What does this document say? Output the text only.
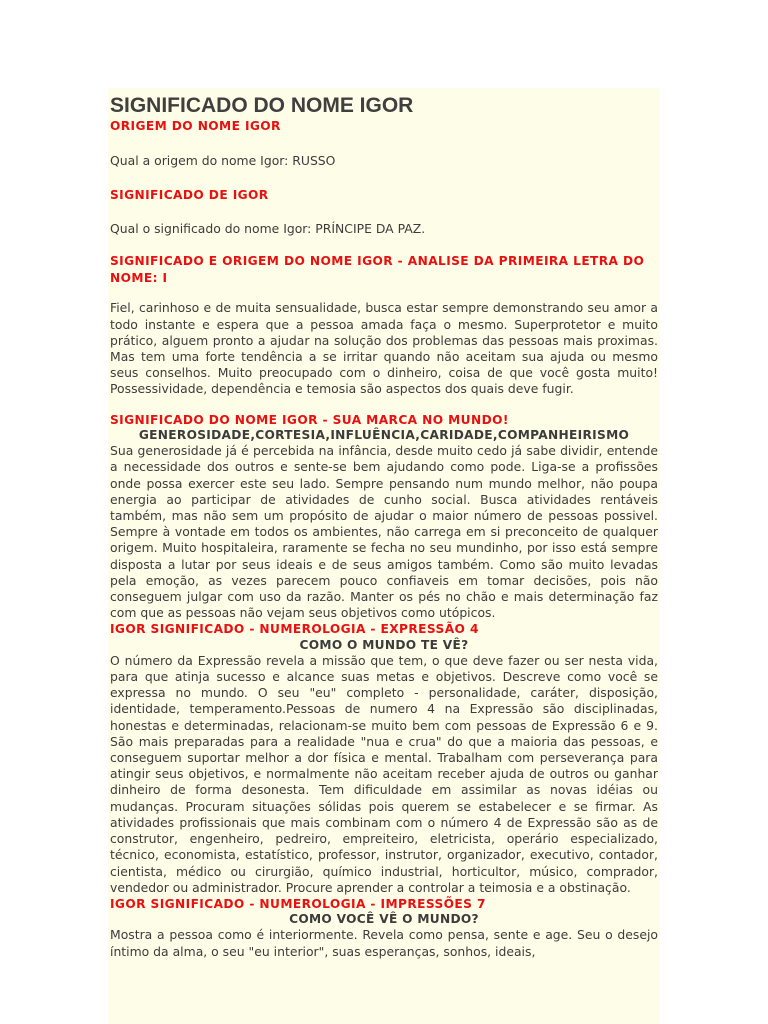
SIGNIFICADO DO NOME IGOR

ORIGEM DO NOME IGOR

Qual a origem do nome Igor: RUSSO

SIGNIFICADO DE IGOR

Qual o significado do nome Igor: PRÍNCIPE DA PAZ.

SIGNIFICADO E ORIGEM DO NOME IGOR - ANALISE DA PRIMEIRA LETRA DO NOME: I

Fiel, carinhoso e de muita sensualidade, busca estar sempre demonstrando seu amor a todo instante e espera que a pessoa amada faça o mesmo. Superprotetor e muito prático, alguem pronto a ajudar na solução dos problemas das pessoas mais proximas. Mas tem uma forte tendência a se irritar quando não aceitam sua ajuda ou mesmo seus conselhos. Muito preocupado com o dinheiro, coisa de que você gosta muito! Possessividade, dependência e temosia são aspectos dos quais deve fugir.

SIGNIFICADO DO NOME IGOR - SUA MARCA NO MUNDO!

GENEROSIDADE,CORTESIA,INFLUÊNCIA,CARIDADE,COMPANHEIRISMO

Sua generosidade já é percebida na infância, desde muito cedo já sabe dividir, entende a necessidade dos outros e sente-se bem ajudando como pode. Liga-se a profissões onde possa exercer este seu lado. Sempre pensando num mundo melhor, não poupa energia ao participar de atividades de cunho social. Busca atividades rentáveis também, mas não sem um propósito de ajudar o maior número de pessoas possivel. Sempre à vontade em todos os ambientes, não carrega em si preconceito de qualquer origem. Muito hospitaleira, raramente se fecha no seu mundinho, por isso está sempre disposta a lutar por seus ideais e de seus amigos também. Como são muito levadas pela emoção, as vezes parecem pouco confiaveis em tomar decisões, pois não conseguem julgar com uso da razão. Manter os pés no chão e mais determinação faz com que as pessoas não vejam seus objetivos como utópicos.

IGOR SIGNIFICADO - NUMEROLOGIA - EXPRESSÃO 4

COMO O MUNDO TE VÊ?

O número da Expressão revela a missão que tem, o que deve fazer ou ser nesta vida, para que atinja sucesso e alcance suas metas e objetivos. Descreve como você se expressa no mundo. O seu "eu" completo - personalidade, caráter, disposição, identidade, temperamento.Pessoas de numero 4 na Expressão são disciplinadas, honestas e determinadas, relacionam-se muito bem com pessoas de Expressão 6 e 9. São mais preparadas para a realidade "nua e crua" do que a maioria das pessoas, e conseguem suportar melhor a dor física e mental. Trabalham com perseverança para atingir seus objetivos, e normalmente não aceitam receber ajuda de outros ou ganhar dinheiro de forma desonesta. Tem dificuldade em assimilar as novas idéias ou mudanças. Procuram situações sólidas pois querem se estabelecer e se firmar. As atividades profissionais que mais combinam com o número 4 de Expressão são as de construtor, engenheiro, pedreiro, empreiteiro, eletricista, operário especializado, técnico, economista, estatístico, professor, instrutor, organizador, executivo, contador, cientista, médico ou cirurgião, químico industrial, horticultor, músico, comprador, vendedor ou administrador. Procure aprender a controlar a teimosia e a obstinação.

IGOR SIGNIFICADO - NUMEROLOGIA - IMPRESSÕES 7

COMO VOCÊ VÊ O MUNDO?

Mostra a pessoa como é interiormente. Revela como pensa, sente e age. Seu o desejo íntimo da alma, o seu "eu interior", suas esperanças, sonhos, ideais,
